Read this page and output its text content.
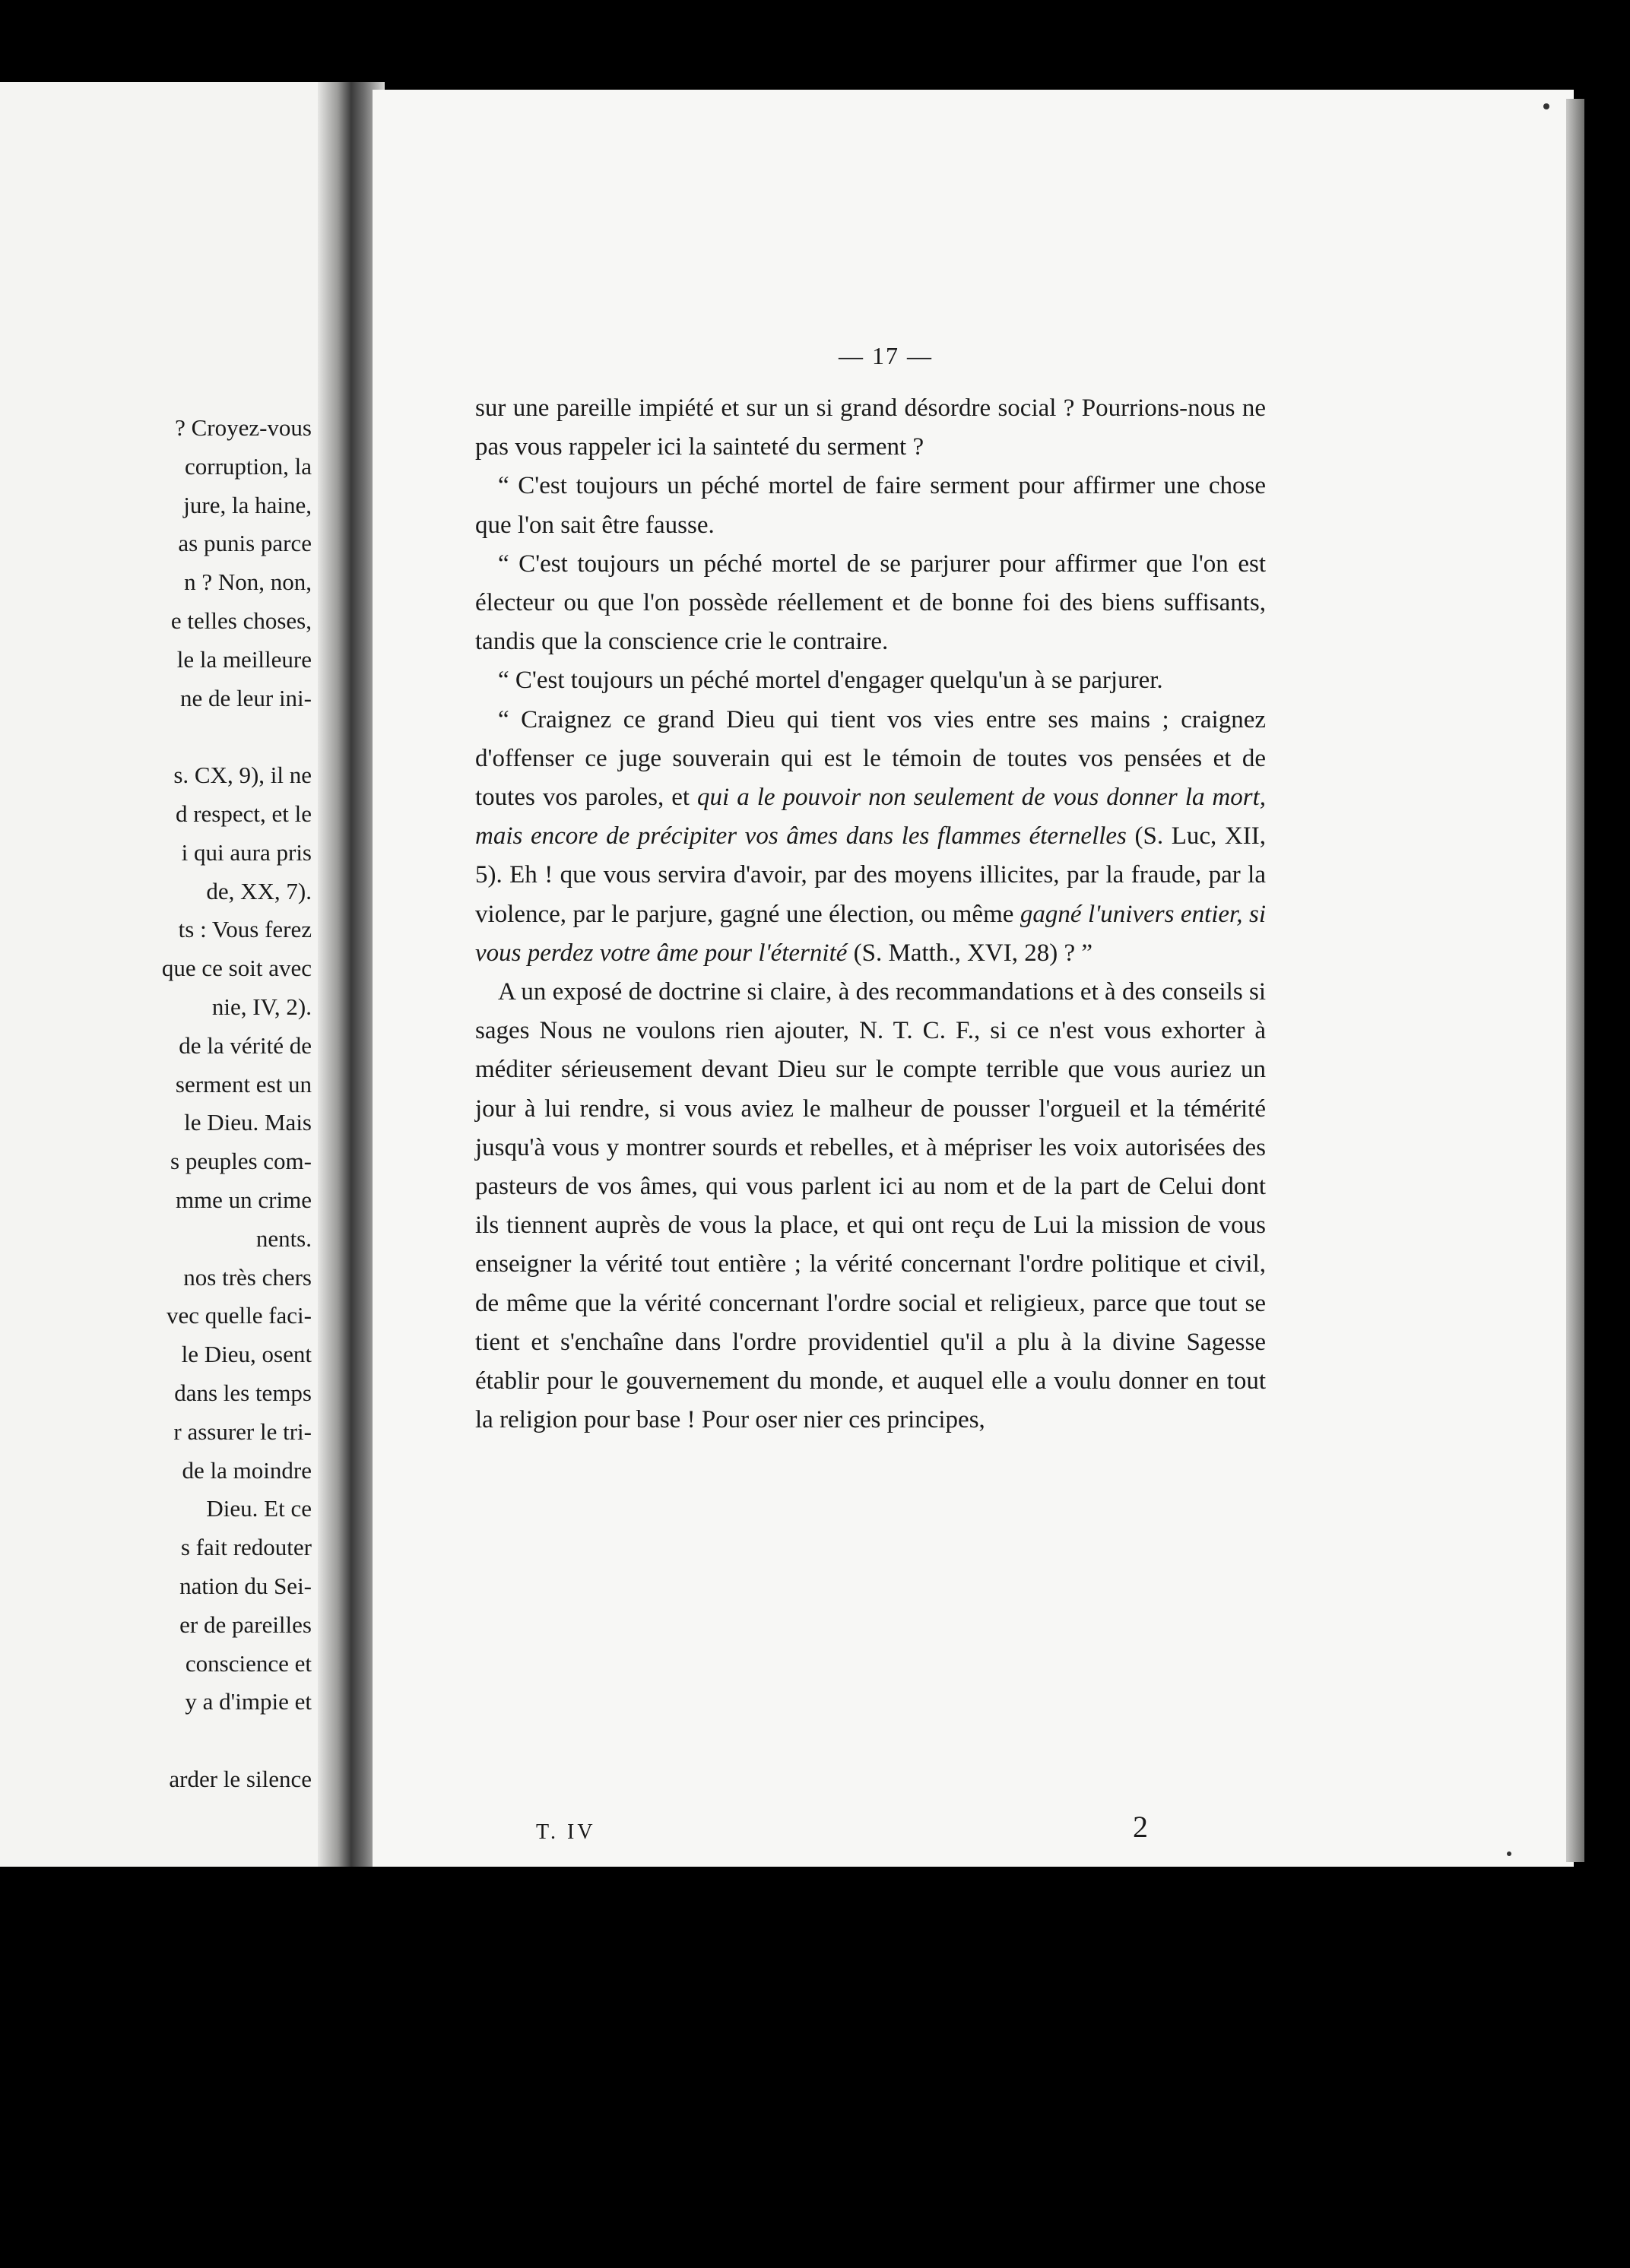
? Croyez-vous
corruption, la
jure, la haine,
as punis parce
n ? Non, non,
e telles choses,
le la meilleure
ne de leur ini-
s. CX, 9), il ne
d respect, et le
i qui aura pris
de, XX, 7).
ts : Vous ferez
que ce soit avec
nie, IV, 2).
de la vérité de
serment est un
le Dieu. Mais
s peuples com-
mme un crime
nents.
nos très chers
vec quelle faci-
le Dieu, osent
dans les temps
r assurer le tri-
de la moindre
Dieu. Et ce
s fait redouter
nation du Sei-
er de pareilles
conscience et
y a d'impie et
arder le silence
— 17 —

sur une pareille impiété et sur un si grand désordre social ? Pourrions-nous ne pas vous rappeler ici la sainteté du serment ?

“ C'est toujours un péché mortel de faire serment pour affirmer une chose que l'on sait être fausse.

“ C'est toujours un péché mortel de se parjurer pour affirmer que l'on est électeur ou que l'on possède réellement et de bonne foi des biens suffisants, tandis que la conscience crie le contraire.

“ C'est toujours un péché mortel d'engager quelqu'un à se parjurer.

“ Craignez ce grand Dieu qui tient vos vies entre ses mains ; craignez d'offenser ce juge souverain qui est le témoin de toutes vos pensées et de toutes vos paroles, et qui a le pouvoir non seulement de vous donner la mort, mais encore de précipiter vos âmes dans les flammes éternelles (S. Luc, XII, 5). Eh ! que vous servira d'avoir, par des moyens illicites, par la fraude, par la violence, par le parjure, gagné une élection, ou même gagné l'univers entier, si vous perdez votre âme pour l'éternité (S. Matth., XVI, 28) ? ”

A un exposé de doctrine si claire, à des recommandations et à des conseils si sages Nous ne voulons rien ajouter, N. T. C. F., si ce n'est vous exhorter à méditer sérieusement devant Dieu sur le compte terrible que vous auriez un jour à lui rendre, si vous aviez le malheur de pousser l'orgueil et la témérité jusqu'à vous y montrer sourds et rebelles, et à mépriser les voix autorisées des pasteurs de vos âmes, qui vous parlent ici au nom et de la part de Celui dont ils tiennent auprès de vous la place, et qui ont reçu de Lui la mission de vous enseigner la vérité tout entière ; la vérité concernant l'ordre politique et civil, de même que la vérité concernant l'ordre social et religieux, parce que tout se tient et s'enchaîne dans l'ordre providentiel qu'il a plu à la divine Sagesse établir pour le gouvernement du monde, et auquel elle a voulu donner en tout la religion pour base ! Pour oser nier ces principes,

T. IV	2
